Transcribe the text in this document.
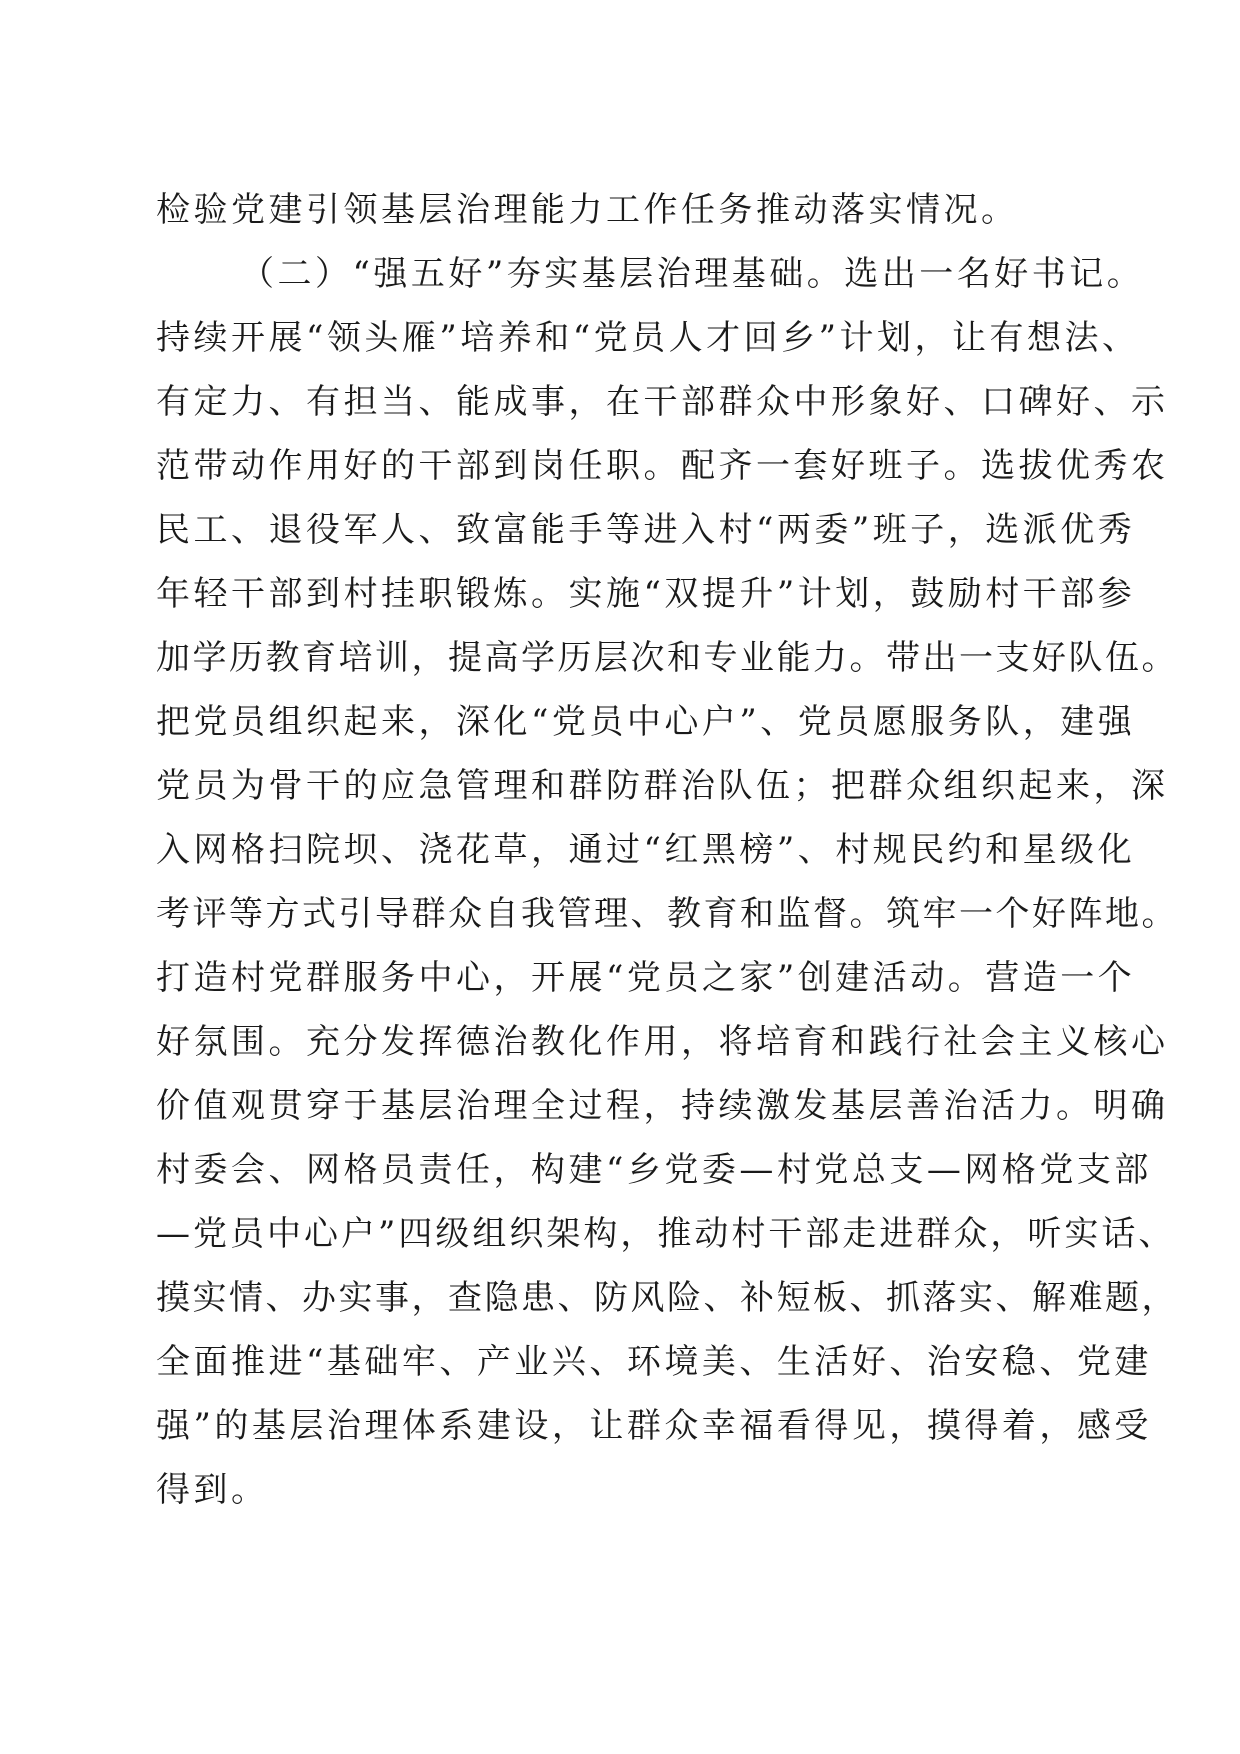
检验党建引领基层治理能力工作任务推动落实情况。
（二）“强五好”夯实基层治理基础。选出一名好书记。
持续开展“领头雁”培养和“党员人才回乡”计划，让有想法、
有定力、有担当、能成事，在干部群众中形象好、口碑好、示
范带动作用好的干部到岗任职。配齐一套好班子。选拔优秀农
民工、退役军人、致富能手等进入村“两委”班子，选派优秀
年轻干部到村挂职锻炼。实施“双提升”计划，鼓励村干部参
加学历教育培训，提高学历层次和专业能力。带出一支好队伍。
把党员组织起来，深化“党员中心户”、党员愿服务队，建强
党员为骨干的应急管理和群防群治队伍；把群众组织起来，深
入网格扫院坝、浇花草，通过“红黑榜”、村规民约和星级化
考评等方式引导群众自我管理、教育和监督。筑牢一个好阵地。
打造村党群服务中心，开展“党员之家”创建活动。营造一个
好氛围。充分发挥德治教化作用，将培育和践行社会主义核心
价值观贯穿于基层治理全过程，持续激发基层善治活力。明确
村委会、网格员责任，构建“乡党委—村党总支—网格党支部
—党员中心户”四级组织架构，推动村干部走进群众，听实话、
摸实情、办实事，查隐患、防风险、补短板、抓落实、解难题，
全面推进“基础牢、产业兴、环境美、生活好、治安稳、党建
强”的基层治理体系建设，让群众幸福看得见，摸得着，感受
得到。
